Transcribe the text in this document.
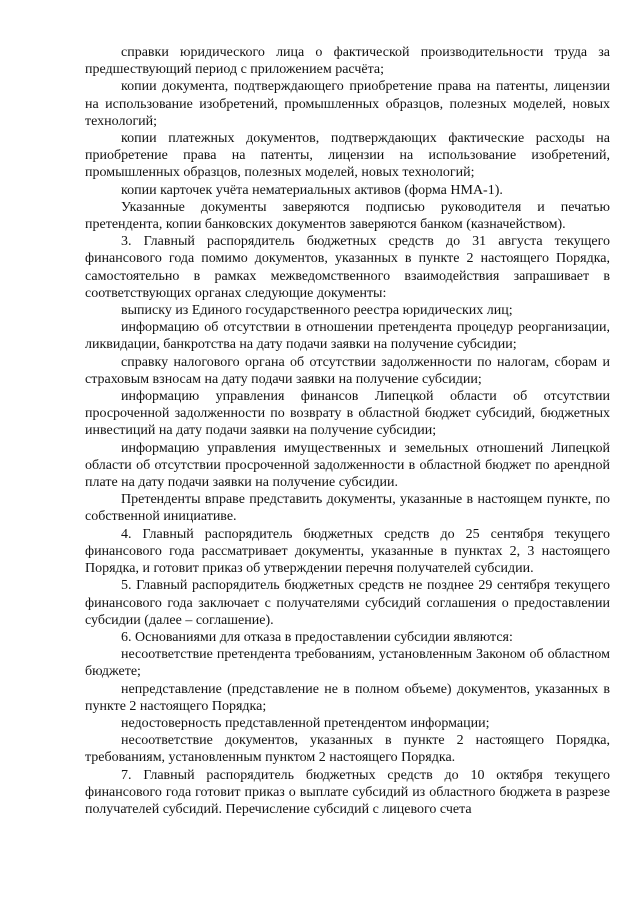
справки юридического лица о фактической производительности труда за предшествующий период с приложением расчёта;

копии документа, подтверждающего приобретение права на патенты, лицензии на использование изобретений, промышленных образцов, полезных моделей, новых технологий;

копии платежных документов, подтверждающих фактические расходы на приобретение права на патенты, лицензии на использование изобретений, промышленных образцов, полезных моделей, новых технологий;

копии карточек учёта нематериальных активов (форма НМА-1).

Указанные документы заверяются подписью руководителя и печатью претендента, копии банковских документов заверяются банком (казначейством).

3. Главный распорядитель бюджетных средств до 31 августа текущего финансового года помимо документов, указанных в пункте 2 настоящего Порядка, самостоятельно в рамках межведомственного взаимодействия запрашивает в соответствующих органах следующие документы:

выписку из Единого государственного реестра юридических лиц;

информацию об отсутствии в отношении претендента процедур реорганизации, ликвидации, банкротства на дату подачи заявки на получение субсидии;

справку налогового органа об отсутствии задолженности по налогам, сборам и страховым взносам на дату подачи заявки на получение субсидии;

информацию управления финансов Липецкой области об отсутствии просроченной задолженности по возврату в областной бюджет субсидий, бюджетных инвестиций на дату подачи заявки на получение субсидии;

информацию управления имущественных и земельных отношений Липецкой области об отсутствии просроченной задолженности в областной бюджет по арендной плате на дату подачи заявки на получение субсидии.

Претенденты вправе представить документы, указанные в настоящем пункте, по собственной инициативе.

4. Главный распорядитель бюджетных средств до 25 сентября текущего финансового года рассматривает документы, указанные в пунктах 2, 3 настоящего Порядка, и готовит приказ об утверждении перечня получателей субсидии.

5. Главный распорядитель бюджетных средств не позднее 29 сентября текущего финансового года заключает с получателями субсидий соглашения о предоставлении субсидии (далее – соглашение).

6. Основаниями для отказа в предоставлении субсидии являются:

несоответствие претендента требованиям, установленным Законом об областном бюджете;

непредставление (представление не в полном объеме) документов, указанных в пункте 2 настоящего Порядка;

недостоверность представленной претендентом информации;

несоответствие документов, указанных в пункте 2 настоящего Порядка, требованиям, установленным пунктом 2 настоящего Порядка.

7. Главный распорядитель бюджетных средств до 10 октября текущего финансового года готовит приказ о выплате субсидий из областного бюджета в разрезе получателей субсидий. Перечисление субсидий с лицевого счета
